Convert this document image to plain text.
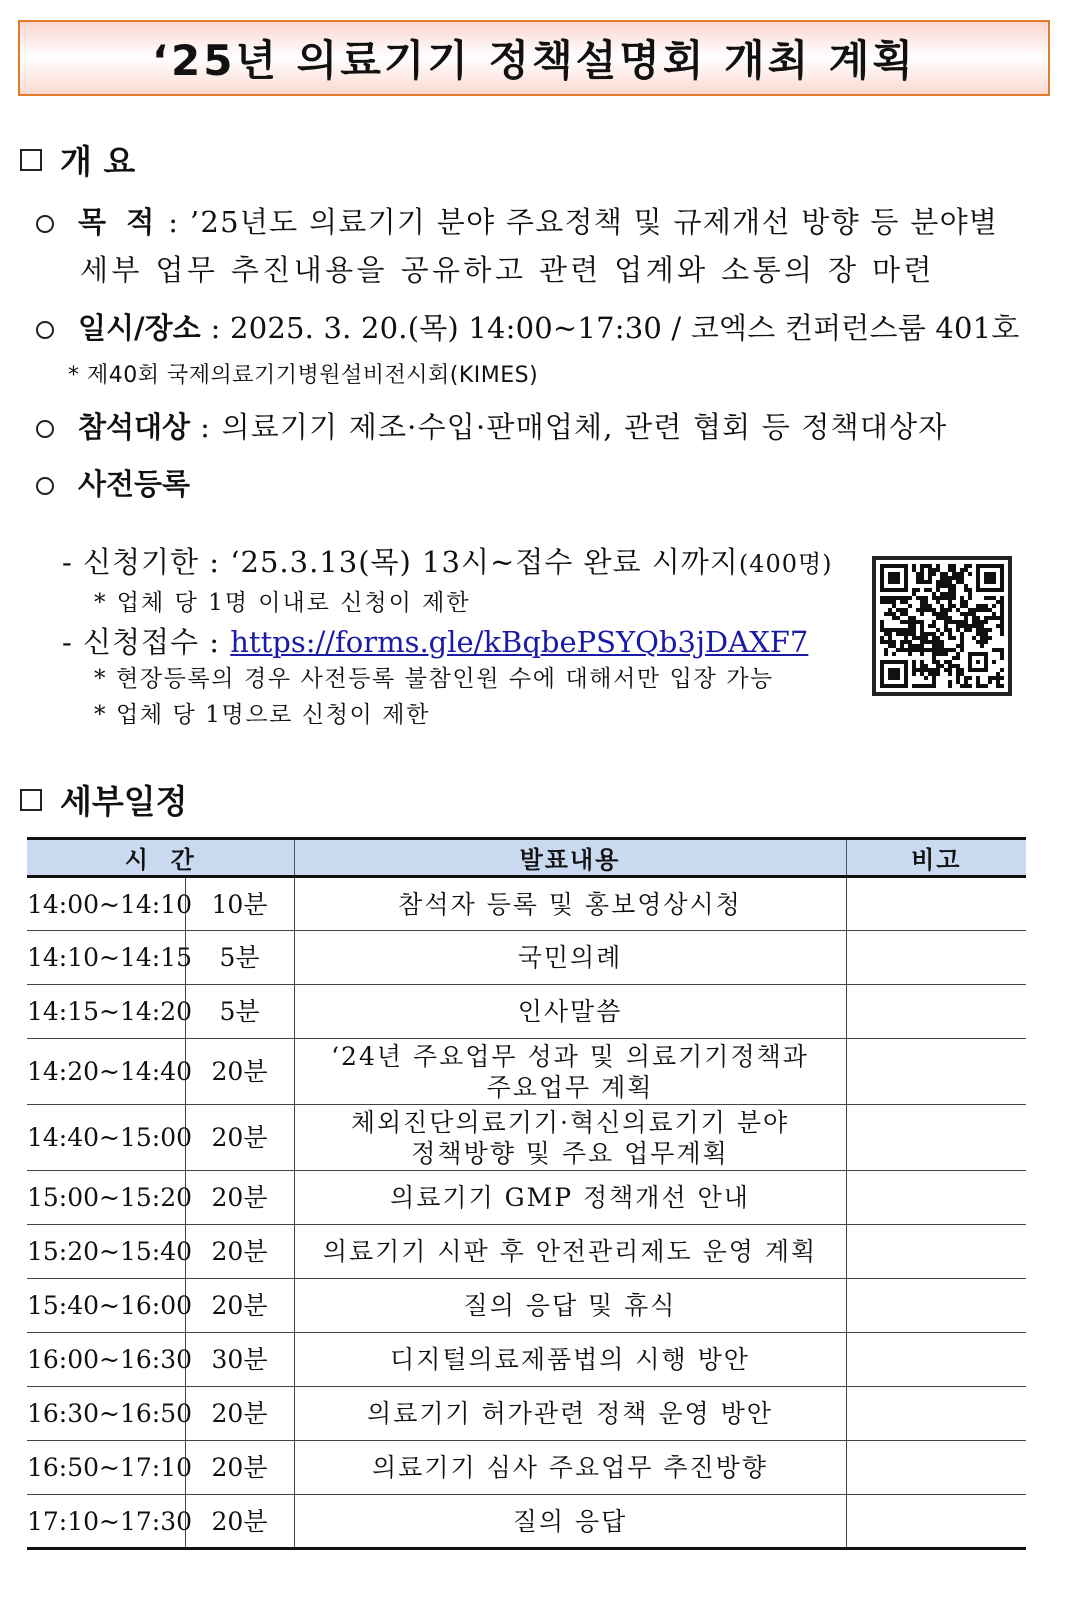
‘25년 의료기기 정책설명회 개최 계획
개 요
목  적 : ’25년도 의료기기 분야 주요정책 및 규제개선 방향 등 분야별
세부 업무 추진내용을 공유하고 관련 업계와 소통의 장 마련
일시/장소 : 2025. 3. 20.(목) 14:00~17:30 / 코엑스 컨퍼런스룸 401호
* 제40회 국제의료기기병원설비전시회(KIMES)
참석대상 : 의료기기 제조·수입·판매업체, 관련 협회 등 정책대상자
사전등록
- 신청기한 : ‘25.3.13(목) 13시~접수 완료 시까지 (400명)
* 업체 당 1명 이내로 신청이 제한
- 신청접수 : https://forms.gle/kBqbePSYQb3jDAXF7
* 현장등록의 경우 사전등록 불참인원 수에 대해서만 입장 가능
* 업체 당 1명으로 신청이 제한
세부일정
시  간		발표내용	비고
14:00~14:10	10분	참석자 등록 및 홍보영상시청	
14:10~14:15	5분	국민의례	
14:15~14:20	5분	인사말씀	
14:20~14:40	20분	‘24년 주요업무 성과 및 의료기기정책과
주요업무 계획	
14:40~15:00	20분	체외진단의료기기·혁신의료기기 분야
정책방향 및 주요 업무계획	
15:00~15:20	20분	의료기기 GMP 정책개선 안내	
15:20~15:40	20분	의료기기 시판 후 안전관리제도 운영 계획	
15:40~16:00	20분	질의 응답 및 휴식	
16:00~16:30	30분	디지털의료제품법의 시행 방안	
16:30~16:50	20분	의료기기 허가관련 정책 운영 방안	
16:50~17:10	20분	의료기기 심사 주요업무 추진방향	
17:10~17:30	20분	질의 응답	
